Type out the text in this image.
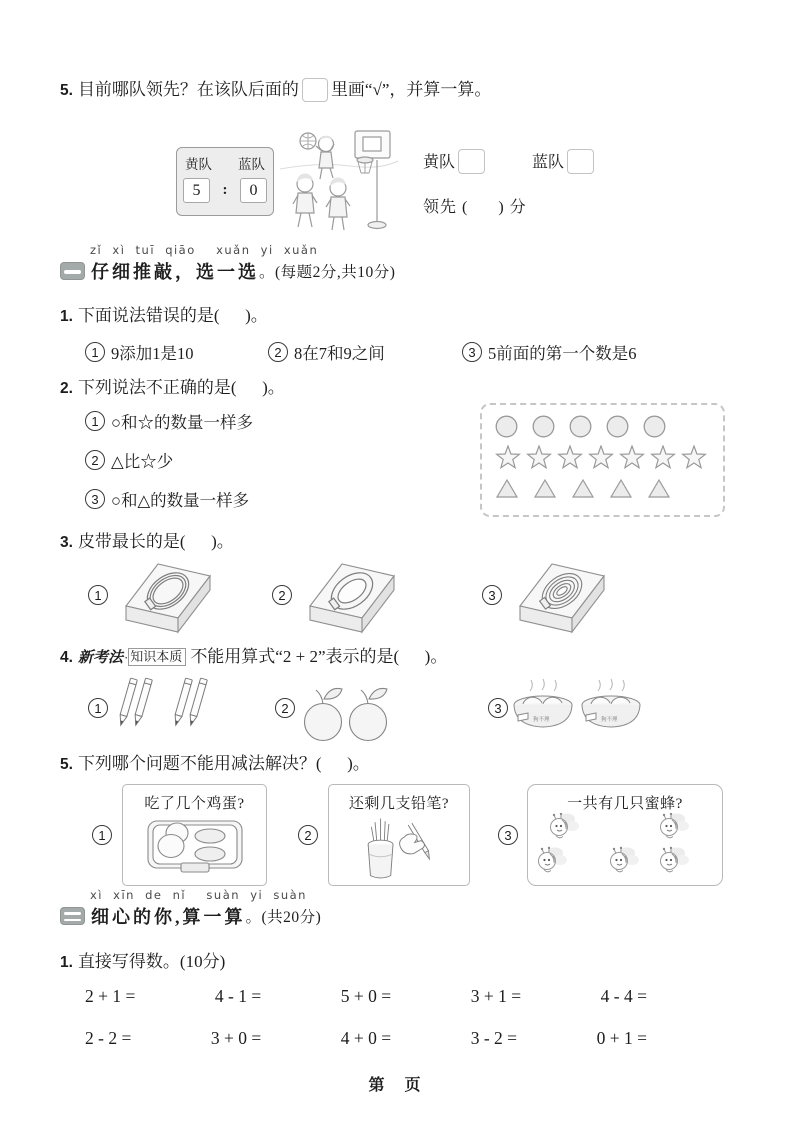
5. 目前哪队领先？在该队后面的 里画“√”，并算一算。
黄队 蓝队
5	:	0
黄队	蓝队
领先 (      ) 分
zǐ xì tuī qiāo  xuǎn yi xuǎn
仔细推敲，选一选 。(每题2分,共10分)
1. 下面说法错误的是(      )。
1 9添加1是10	2 8在7和9之间	3 5前面的第一个数是6
2. 下列说法不正确的是(      )。
1 ○和☆的数量一样多
2 △比☆少
3 ○和△的数量一样多
3. 皮带最长的是(      )。
1	2	3
4. 新考法· 知识本质 不能用算式“2 + 2”表示的是(      )。
1	2	3
狗不理	狗不理
5. 下列哪个问题不能用减法解决？(      )。
1
吃了几个鸡蛋?
2
还剩几支铅笔?
3
一共有几只蜜蜂?
xì xīn de nǐ  suàn yi suàn
细心的你,算一算 。(共20分)
1. 直接写得数。(10分)
2 + 1 =	4 - 1 =	5 + 0 =	3 + 1 =	4 - 4 =
2 - 2 =	3 + 0 =	4 + 0 =	3 - 2 =	0 + 1 =
第  页
